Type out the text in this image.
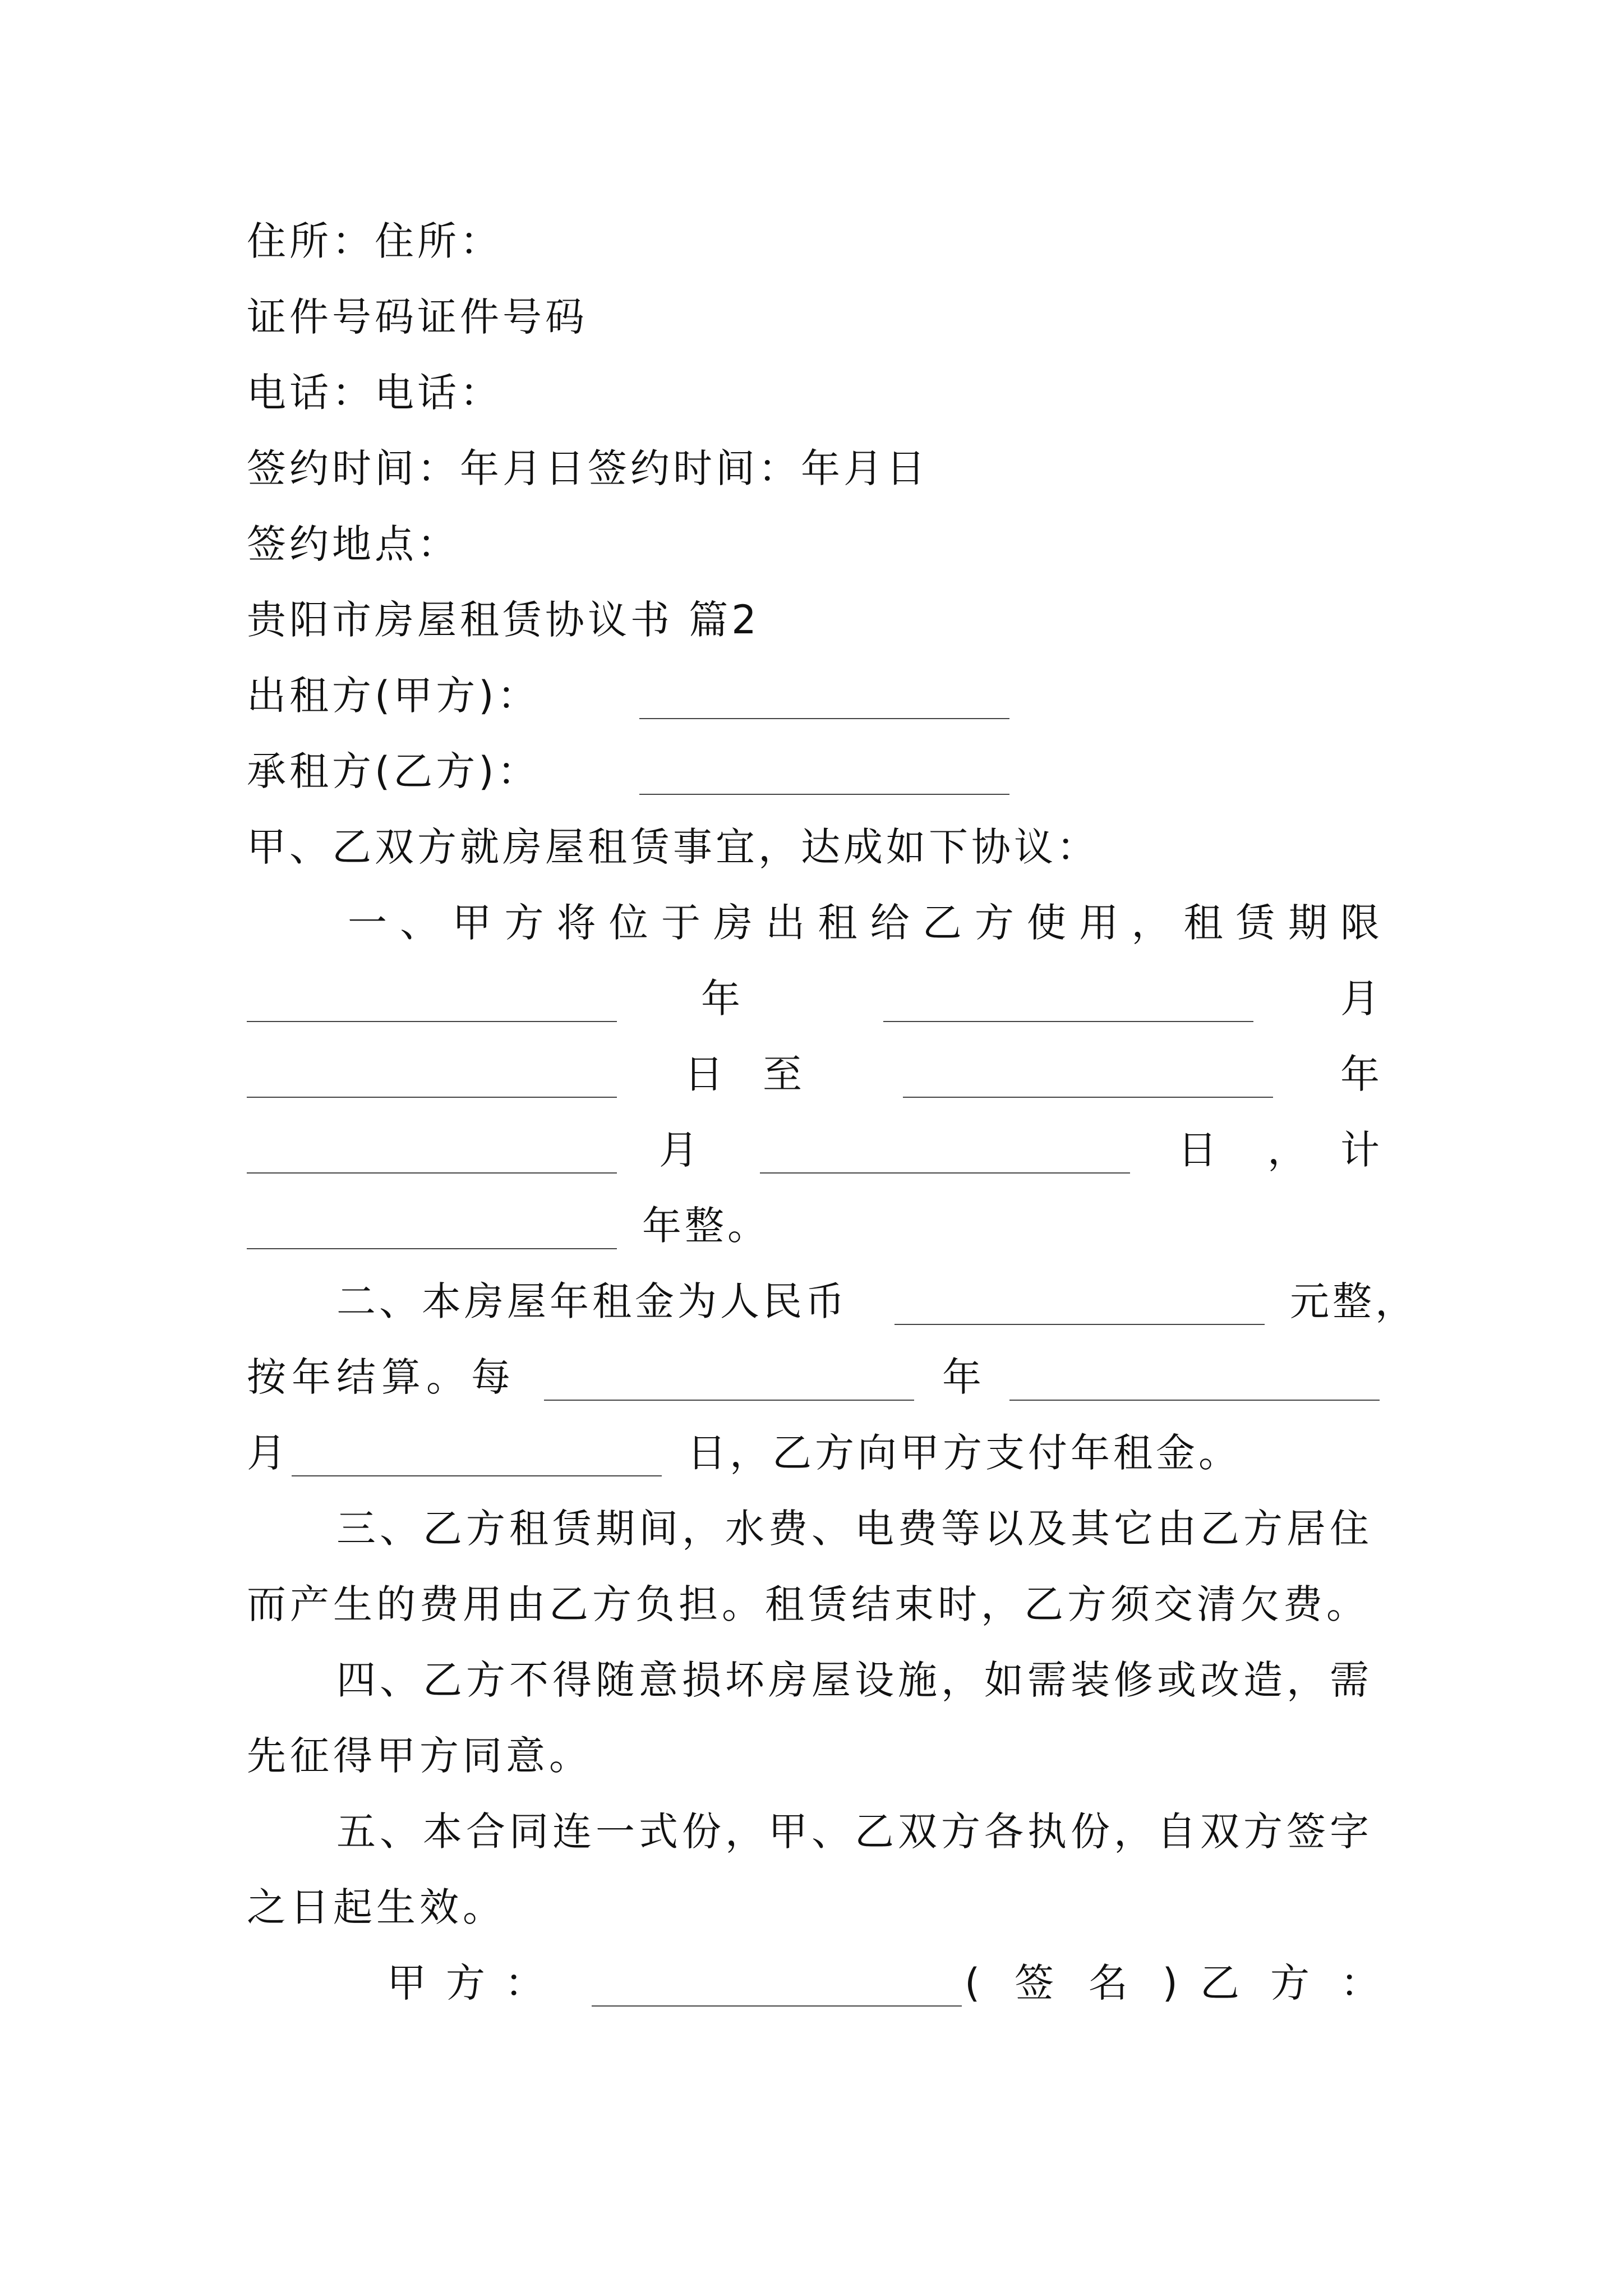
住所：住所：
证件号码证件号码
电话：电话：
签约时间：年月日签约时间：年月日
签约地点：
贵阳市房屋租赁协议书 篇2
出租方(甲方)：
承租方(乙方)：
甲、乙双方就房屋租赁事宜，达成如下协议：
一 、 甲 方 将 位 于 房 出 租 给 乙 方 使 用 ， 租 赁 期 限
年	月
日 至	年
月	日 ， 计
年整。
二、本房屋年租金为人民币	元整，
按年结算。每	年
月	日，乙方向甲方支付年租金。
三、乙方租赁期间，水费、电费等以及其它由乙方居住
而产生的费用由乙方负担。租赁结束时，乙方须交清欠费。
四、乙方不得随意损坏房屋设施，如需装修或改造，需
先征得甲方同意。
五、本合同连一式份，甲、乙双方各执份，自双方签字
之日起生效。
甲 方 ：	( 签 名 ) 乙 方 ：
